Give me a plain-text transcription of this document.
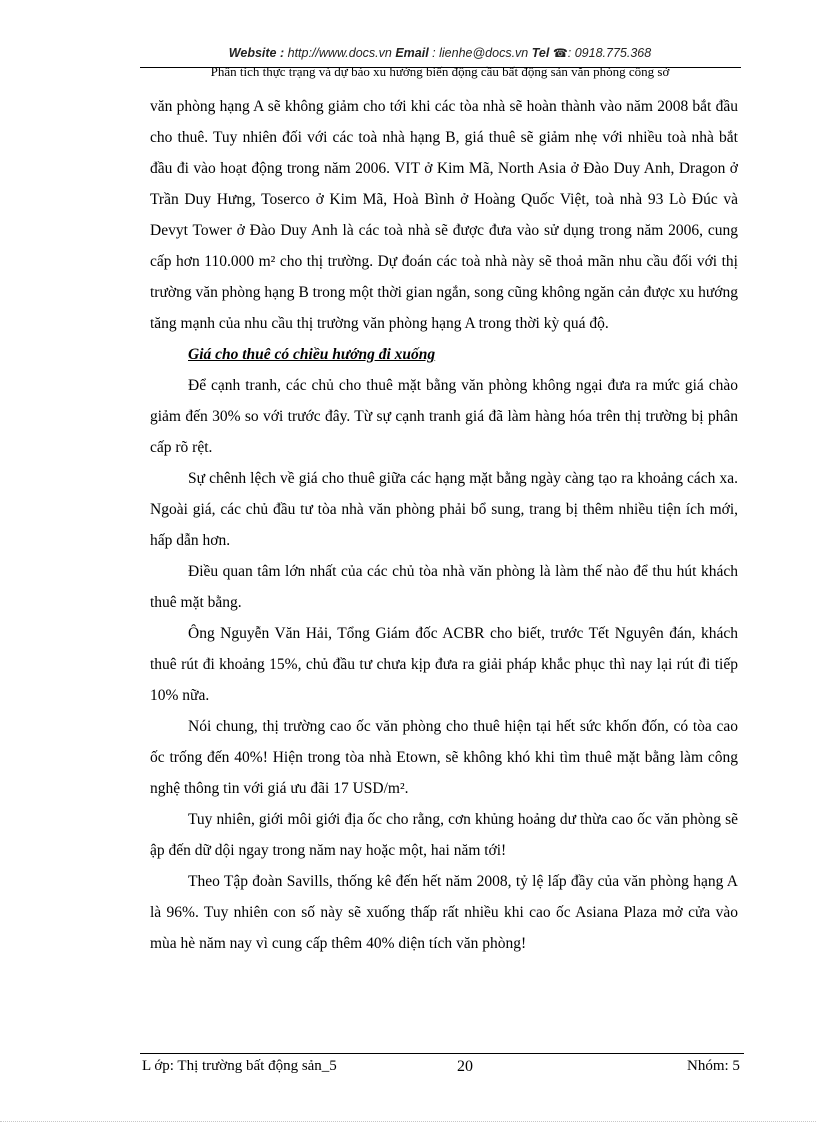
Website : http://www.docs.vn Email : lienhe@docs.vn Tel ☎: 0918.775.368
Phân tích thực trạng và dự báo xu hướng biến động cầu bất động sản văn phòng công sở

văn phòng hạng A sẽ không giảm cho tới khi các tòa nhà sẽ hoàn thành vào năm 2008 bắt đầu cho thuê. Tuy nhiên đối với các toà nhà hạng B, giá thuê sẽ giảm nhẹ với nhiều toà nhà bắt đầu đi vào hoạt động trong năm 2006. VIT ở Kim Mã, North Asia ở Đào Duy Anh, Dragon ở Trần Duy Hưng, Toserco ở Kim Mã, Hoà Bình ở Hoàng Quốc Việt, toà nhà 93 Lò Đúc và Devyt Tower ở Đào Duy Anh là các toà nhà sẽ được đưa vào sử dụng trong năm 2006, cung cấp hơn 110.000 m² cho thị trường. Dự đoán các toà nhà này sẽ thoả mãn nhu cầu đối với thị trường văn phòng hạng B trong một thời gian ngắn, song cũng không ngăn cản được xu hướng tăng mạnh của nhu cầu thị trường văn phòng hạng A trong thời kỳ quá độ.

Giá cho thuê có chiều hướng đi xuống

Để cạnh tranh, các chủ cho thuê mặt bằng văn phòng không ngại đưa ra mức giá chào giảm đến 30% so với trước đây. Từ sự cạnh tranh giá đã làm hàng hóa trên thị trường bị phân cấp rõ rệt.

Sự chênh lệch về giá cho thuê giữa các hạng mặt bằng ngày càng tạo ra khoảng cách xa. Ngoài giá, các chủ đầu tư tòa nhà văn phòng phải bổ sung, trang bị thêm nhiều tiện ích mới, hấp dẫn hơn.

Điều quan tâm lớn nhất của các chủ tòa nhà văn phòng là làm thế nào để thu hút khách thuê mặt bằng.

Ông Nguyễn Văn Hải, Tổng Giám đốc ACBR cho biết, trước Tết Nguyên đán, khách thuê rút đi khoảng 15%, chủ đầu tư chưa kịp đưa ra giải pháp khắc phục thì nay lại rút đi tiếp 10% nữa.

Nói chung, thị trường cao ốc văn phòng cho thuê hiện tại hết sức khốn đốn, có tòa cao ốc trống đến 40%! Hiện trong tòa nhà Etown, sẽ không khó khi tìm thuê mặt bằng làm công nghệ thông tin với giá ưu đãi 17 USD/m².

Tuy nhiên, giới môi giới địa ốc cho rằng, cơn khủng hoảng dư thừa cao ốc văn phòng sẽ ập đến dữ dội ngay trong năm nay hoặc một, hai năm tới!

Theo Tập đoàn Savills, thống kê đến hết năm 2008, tỷ lệ lấp đầy của văn phòng hạng A là 96%. Tuy nhiên con số này sẽ xuống thấp rất nhiều khi cao ốc Asiana Plaza mở cửa vào mùa hè năm nay vì cung cấp thêm 40% diện tích văn phòng!

L ớp: Thị trường bất động sản_5	20	Nhóm: 5
